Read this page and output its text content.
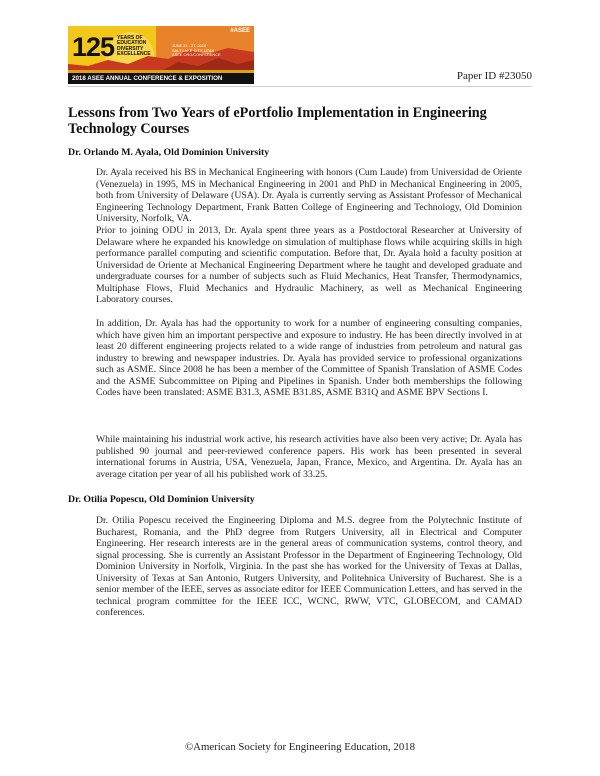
125 YEARS OF
EDUCATION
DIVERSITY
EXCELLENCE
JUNE 24 - 27, 2018
SALT LAKE CITY, UTAH
ASEE.ORG/CONFERENCE
#ASEE
2018 ASEE ANNUAL CONFERENCE & EXPOSITION	Paper ID #23050
Lessons from Two Years of ePortfolio Implementation in Engineering Technology Courses

Dr. Orlando M. Ayala, Old Dominion University

Dr. Ayala received his BS in Mechanical Engineering with honors (Cum Laude) from Universidad de Oriente (Venezuela) in 1995, MS in Mechanical Engineering in 2001 and PhD in Mechanical Engineering in 2005, both from University of Delaware (USA). Dr. Ayala is currently serving as Assistant Professor of Mechanical Engineering Technology Department, Frank Batten College of Engineering and Technology, Old Dominion University, Norfolk, VA.

Prior to joining ODU in 2013, Dr. Ayala spent three years as a Postdoctoral Researcher at University of Delaware where he expanded his knowledge on simulation of multiphase flows while acquiring skills in high performance parallel computing and scientific computation. Before that, Dr. Ayala hold a faculty position at Universidad de Oriente at Mechanical Engineering Department where he taught and developed graduate and undergraduate courses for a number of subjects such as Fluid Mechanics, Heat Transfer, Thermodynamics, Multiphase Flows, Fluid Mechanics and Hydraulic Machinery, as well as Mechanical Engineering Laboratory courses.

In addition, Dr. Ayala has had the opportunity to work for a number of engineering consulting companies, which have given him an important perspective and exposure to industry. He has been directly involved in at least 20 different engineering projects related to a wide range of industries from petroleum and natural gas industry to brewing and newspaper industries. Dr. Ayala has provided service to professional organizations such as ASME. Since 2008 he has been a member of the Committee of Spanish Translation of ASME Codes and the ASME Subcommittee on Piping and Pipelines in Spanish. Under both memberships the following Codes have been translated: ASME B31.3, ASME B31.8S, ASME B31Q and ASME BPV Sections I.

While maintaining his industrial work active, his research activities have also been very active; Dr. Ayala has published 90 journal and peer-reviewed conference papers. His work has been presented in several international forums in Austria, USA, Venezuela, Japan, France, Mexico, and Argentina. Dr. Ayala has an average citation per year of all his published work of 33.25.

Dr. Otilia Popescu, Old Dominion University

Dr. Otilia Popescu received the Engineering Diploma and M.S. degree from the Polytechnic Institute of Bucharest, Romania, and the PhD degree from Rutgers University, all in Electrical and Computer Engineering. Her research interests are in the general areas of communication systems, control theory, and signal processing. She is currently an Assistant Professor in the Department of Engineering Technology, Old Dominion University in Norfolk, Virginia. In the past she has worked for the University of Texas at Dallas, University of Texas at San Antonio, Rutgers University, and Politehnica University of Bucharest. She is a senior member of the IEEE, serves as associate editor for IEEE Communication Letters, and has served in the technical program committee for the IEEE ICC, WCNC, RWW, VTC, GLOBECOM, and CAMAD conferences.

©American Society for Engineering Education, 2018
